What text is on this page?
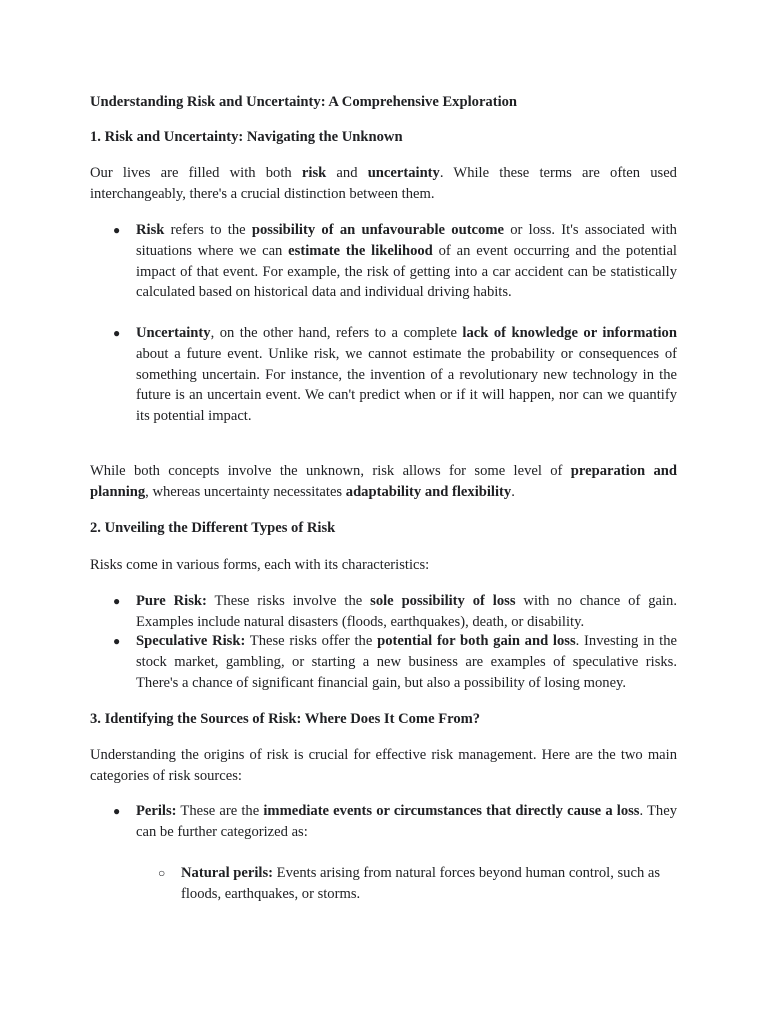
Understanding Risk and Uncertainty: A Comprehensive Exploration

1. Risk and Uncertainty: Navigating the Unknown

Our lives are filled with both risk and uncertainty. While these terms are often used interchangeably, there's a crucial distinction between them.

● Risk refers to the possibility of an unfavourable outcome or loss. It's associated with situations where we can estimate the likelihood of an event occurring and the potential impact of that event. For example, the risk of getting into a car accident can be statistically calculated based on historical data and individual driving habits.

● Uncertainty, on the other hand, refers to a complete lack of knowledge or information about a future event. Unlike risk, we cannot estimate the probability or consequences of something uncertain. For instance, the invention of a revolutionary new technology in the future is an uncertain event. We can't predict when or if it will happen, nor can we quantify its potential impact.

While both concepts involve the unknown, risk allows for some level of preparation and planning, whereas uncertainty necessitates adaptability and flexibility.

2. Unveiling the Different Types of Risk

Risks come in various forms, each with its characteristics:

● Pure Risk: These risks involve the sole possibility of loss with no chance of gain. Examples include natural disasters (floods, earthquakes), death, or disability.

● Speculative Risk: These risks offer the potential for both gain and loss. Investing in the stock market, gambling, or starting a new business are examples of speculative risks. There's a chance of significant financial gain, but also a possibility of losing money.

3. Identifying the Sources of Risk: Where Does It Come From?

Understanding the origins of risk is crucial for effective risk management. Here are the two main categories of risk sources:

● Perils: These are the immediate events or circumstances that directly cause a loss. They can be further categorized as:

○ Natural perils: Events arising from natural forces beyond human control, such as floods, earthquakes, or storms.
